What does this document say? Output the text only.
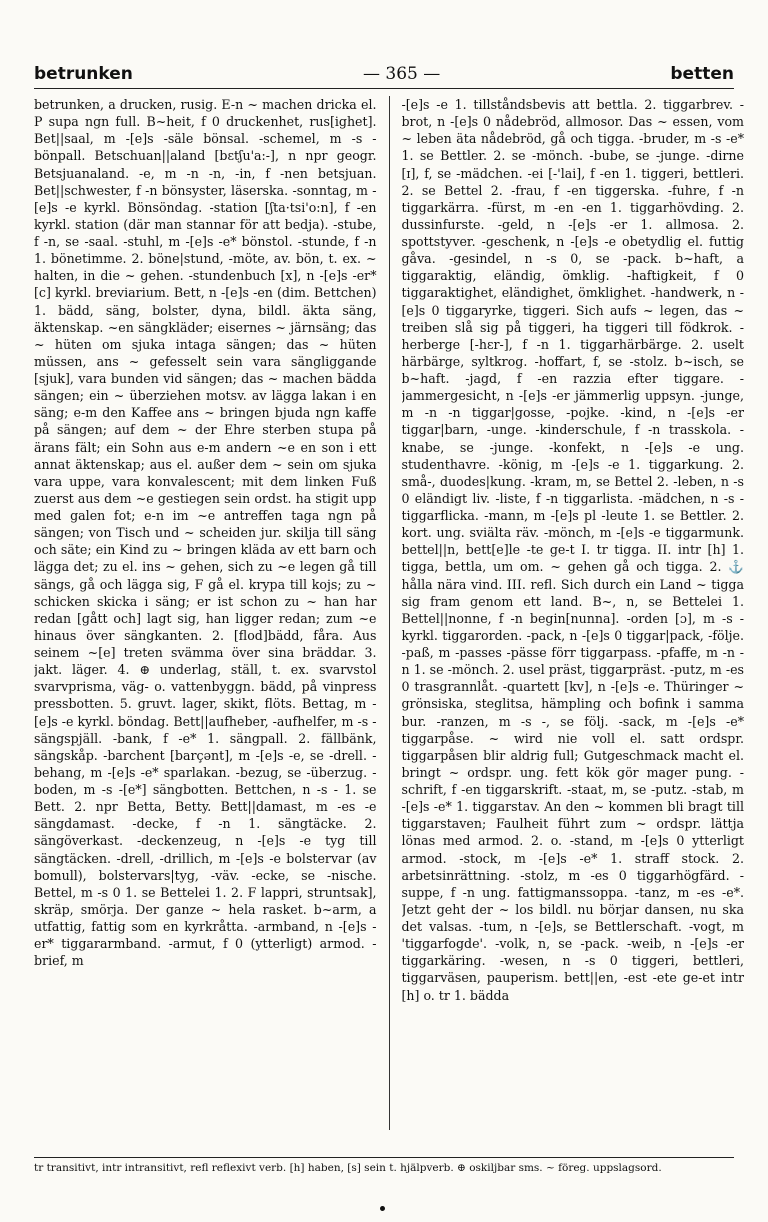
betrunken	— 365 —	betten

betrunken, a drucken, rusig. E-n ~ machen dricka el. P supa ngn full. B~heit, f 0 druckenhet, rus[ighet]. Bet||saal, m -[e]s -säle bönsal. -schemel, m -s - bönpall. Betschuan||aland [bɛtʃu'a:-], n npr geogr. Betsjuanaland. -e, m -n -n, -in, f -nen betsjuan. Bet||schwester, f -n bönsyster, läserska. -sonntag, m -[e]s -e kyrkl. Bönsöndag. -station [ʃta·tsi'o:n], f -en kyrkl. station (där man stannar för att bedja). -stube, f -n, se -saal. -stuhl, m -[e]s -e* bönstol. -stunde, f -n 1. bönetimme. 2. böne|stund, -möte, av. bön, t. ex. ~ halten, in die ~ gehen. -stundenbuch [x], n -[e]s -er* [c] kyrkl. breviarium. Bett, n -[e]s -en (dim. Bettchen) 1. bädd, säng, bolster, dyna, bildl. äkta säng, äktenskap. ~en sängkläder; eisernes ~ järnsäng; das ~ hüten om sjuka intaga sängen; das ~ hüten müssen, ans ~ gefesselt sein vara sängliggande [sjuk], vara bunden vid sängen; das ~ machen bädda sängen; ein ~ überziehen motsv. av lägga lakan i en säng; e-m den Kaffee ans ~ bringen bjuda ngn kaffe på sängen; auf dem ~ der Ehre sterben stupa på ärans fält; ein Sohn aus e-m andern ~e en son i ett annat äktenskap; aus el. außer dem ~ sein om sjuka vara uppe, vara konvalescent; mit dem linken Fuß zuerst aus dem ~e gestiegen sein ordst. ha stigit upp med galen fot; e-n im ~e antreffen taga ngn på sängen; von Tisch und ~ scheiden jur. skilja till säng och säte; ein Kind zu ~ bringen kläda av ett barn och lägga det; zu el. ins ~ gehen, sich zu ~e legen gå till sängs, gå och lägga sig, F gå el. krypa till kojs; zu ~ schicken skicka i säng; er ist schon zu ~ han har redan [gått och] lagt sig, han ligger redan; zum ~e hinaus över sängkanten. 2. [flod]bädd, fåra. Aus seinem ~[e] treten svämma över sina bräddar. 3. jakt. läger. 4. ⊕ underlag, ställ, t. ex. svarvstol svarvprisma, väg- o. vattenbyggn. bädd, på vinpress pressbotten. 5. gruvt. lager, skikt, flöts. Bettag, m -[e]s -e kyrkl. böndag. Bett||aufheber, -aufhelfer, m -s - sängspjäll. -bank, f -e* 1. sängpall. 2. fällbänk, sängskåp. -barchent [barçənt], m -[e]s -e, se -drell. -behang, m -[e]s -e* sparlakan. -bezug, se -überzug. -boden, m -s -[e*] sängbotten. Bettchen, n -s - 1. se Bett. 2. npr Betta, Betty. Bett||damast, m -es -e sängdamast. -decke, f -n 1. sängtäcke. 2. sängöverkast. -deckenzeug, n -[e]s -e tyg till sängtäcken. -drell, -drillich, m -[e]s -e bolstervar (av bomull), bolstervars|tyg, -väv. -ecke, se -nische. Bettel, m -s 0 1. se Bettelei 1. 2. F lappri, struntsak], skräp, smörja. Der ganze ~ hela rasket. b~arm, a utfattig, fattig som en kyrkråtta. -armband, n -[e]s -er* tiggararmband. -armut, f 0 (ytterligt) armod. -brief, m

-[e]s -e 1. tillståndsbevis att bettla. 2. tiggarbrev. -brot, n -[e]s 0 nådebröd, allmosor. Das ~ essen, vom ~ leben äta nådebröd, gå och tigga. -bruder, m -s -e* 1. se Bettler. 2. se -mönch. -bube, se -junge. -dirne [ɪ], f, se -mädchen. -ei [-'lai], f -en 1. tiggeri, bettleri. 2. se Bettel 2. -frau, f -en tiggerska. -fuhre, f -n tiggarkärra. -fürst, m -en -en 1. tiggarhövding. 2. dussinfurste. -geld, n -[e]s -er 1. allmosa. 2. spottstyver. -geschenk, n -[e]s -e obetydlig el. futtig gåva. -gesindel, n -s 0, se -pack. b~haft, a tiggaraktig, eländig, ömklig. -haftigkeit, f 0 tiggaraktighet, eländighet, ömklighet. -handwerk, n -[e]s 0 tiggaryrke, tiggeri. Sich aufs ~ legen, das ~ treiben slå sig på tiggeri, ha tiggeri till födkrok. -herberge [-hɛr-], f -n 1. tiggarhärbärge. 2. uselt härbärge, syltkrog. -hoffart, f, se -stolz. b~isch, se b~haft. -jagd, f -en razzia efter tiggare. -jammergesicht, n -[e]s -er jämmerlig uppsyn. -junge, m -n -n tiggar|gosse, -pojke. -kind, n -[e]s -er tiggar|barn, -unge. -kinderschule, f -n trasskola. -knabe, se -junge. -konfekt, n -[e]s -e ung. studenthavre. -könig, m -[e]s -e 1. tiggarkung. 2. små-, duodes|kung. -kram, m, se Bettel 2. -leben, n -s 0 eländigt liv. -liste, f -n tiggarlista. -mädchen, n -s - tiggarflicka. -mann, m -[e]s pl -leute 1. se Bettler. 2. kort. ung. sviälta räv. -mönch, m -[e]s -e tiggarmunk. bettel||n, bett[e]le -te ge-t I. tr tigga. II. intr [h] 1. tigga, bettla, um om. ~ gehen gå och tigga. 2. ⚓ hålla nära vind. III. refl. Sich durch ein Land ~ tigga sig fram genom ett land. B~, n, se Bettelei 1. Bettel||nonne, f -n begin[nunna]. -orden [ɔ], m -s - kyrkl. tiggarorden. -pack, n -[e]s 0 tiggar|pack, -följe. -paß, m -passes -pässe förr tiggarpass. -pfaffe, m -n -n 1. se -mönch. 2. usel präst, tiggarpräst. -putz, m -es 0 trasgrannlåt. -quartett [kv], n -[e]s -e. Thüringer ~ grönsiska, steglitsa, hämpling och bofink i samma bur. -ranzen, m -s -, se följ. -sack, m -[e]s -e* tiggarpåse. ~ wird nie voll el. satt ordspr. tiggarpåsen blir aldrig full; Gutgeschmack macht el. bringt ~ ordspr. ung. fett kök gör mager pung. -schrift, f -en tiggarskrift. -staat, m, se -putz. -stab, m -[e]s -e* 1. tiggarstav. An den ~ kommen bli bragt till tiggarstaven; Faulheit führt zum ~ ordspr. lättja lönas med armod. 2. o. -stand, m -[e]s 0 ytterligt armod. -stock, m -[e]s -e* 1. straff stock. 2. arbetsinrättning. -stolz, m -es 0 tiggarhögfärd. -suppe, f -n ung. fattigmanssoppa. -tanz, m -es -e*. Jetzt geht der ~ los bildl. nu börjar dansen, nu ska det valsas. -tum, n -[e]s, se Bettlerschaft. -vogt, m 'tiggarfogde'. -volk, n, se -pack. -weib, n -[e]s -er tiggarkäring. -wesen, n -s 0 tiggeri, bettleri, tiggarväsen, pauperism. bett||en, -est -ete ge-et intr [h] o. tr 1. bädda

tr transitivt, intr intransitivt, refl reflexivt verb. [h] haben, [s] sein t. hjälpverb. ⊕ oskiljbar sms. ~ föreg. uppslagsord.
